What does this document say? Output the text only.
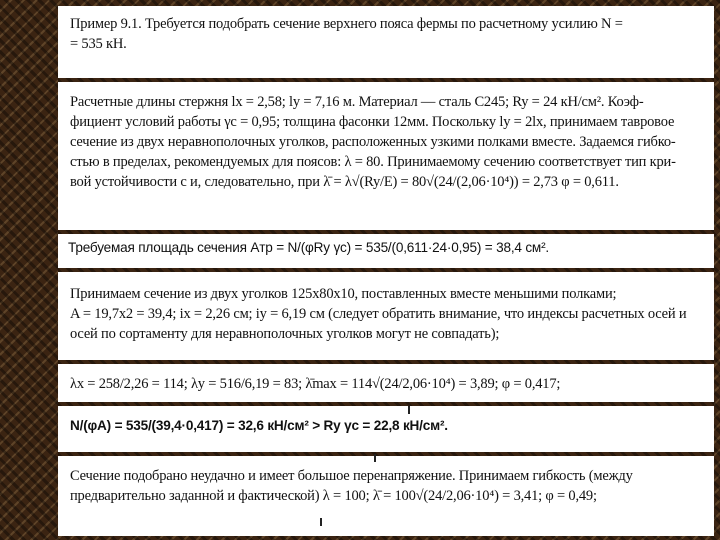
Пример 9.1. Требуется подобрать сечение верхнего пояса фермы по расчетному усилию N =

= 535 кН.

Расчетные длины стержня lx = 2,58; ly = 7,16 м. Материал — сталь С245; Ry = 24 кН/см². Коэф-

фициент условий работы γc = 0,95; толщина фасонки 12мм. Поскольку ly = 2lx, принимаем тавровое

сечение из двух неравнополочных уголков, расположенных узкими полками вместе. Задаемся гибко-

стью в пределах, рекомендуемых для поясов: λ = 80. Принимаемому сечению соответствует тип кри-

вой устойчивости с и, следовательно, при λ̄ = λ√(Ry/E) = 80√(24/(2,06·10⁴)) = 2,73 φ = 0,611.

Требуемая площадь сечения Aтр = N/(φRy γc) = 535/(0,611·24·0,95) = 38,4 см².

Принимаем сечение из двух уголков 125х80х10, поставленных вместе меньшими полками;

A = 19,7х2 = 39,4; ix = 2,26 см; iy = 6,19 см (следует обратить внимание, что индексы расчетных осей и

осей по сортаменту для неравнополочных уголков могут не совпадать);

λx = 258/2,26 = 114; λy = 516/6,19 = 83; λ̄max = 114√(24/2,06·10⁴) = 3,89; φ = 0,417;

N/(φA) = 535/(39,4·0,417) = 32,6 кН/см² > Ry γc = 22,8 кН/см².

Сечение подобрано неудачно и имеет большое перенапряжение. Принимаем гибкость (между

предварительно заданной и фактической) λ = 100; λ̄ = 100√(24/2,06·10⁴) = 3,41; φ = 0,49;
